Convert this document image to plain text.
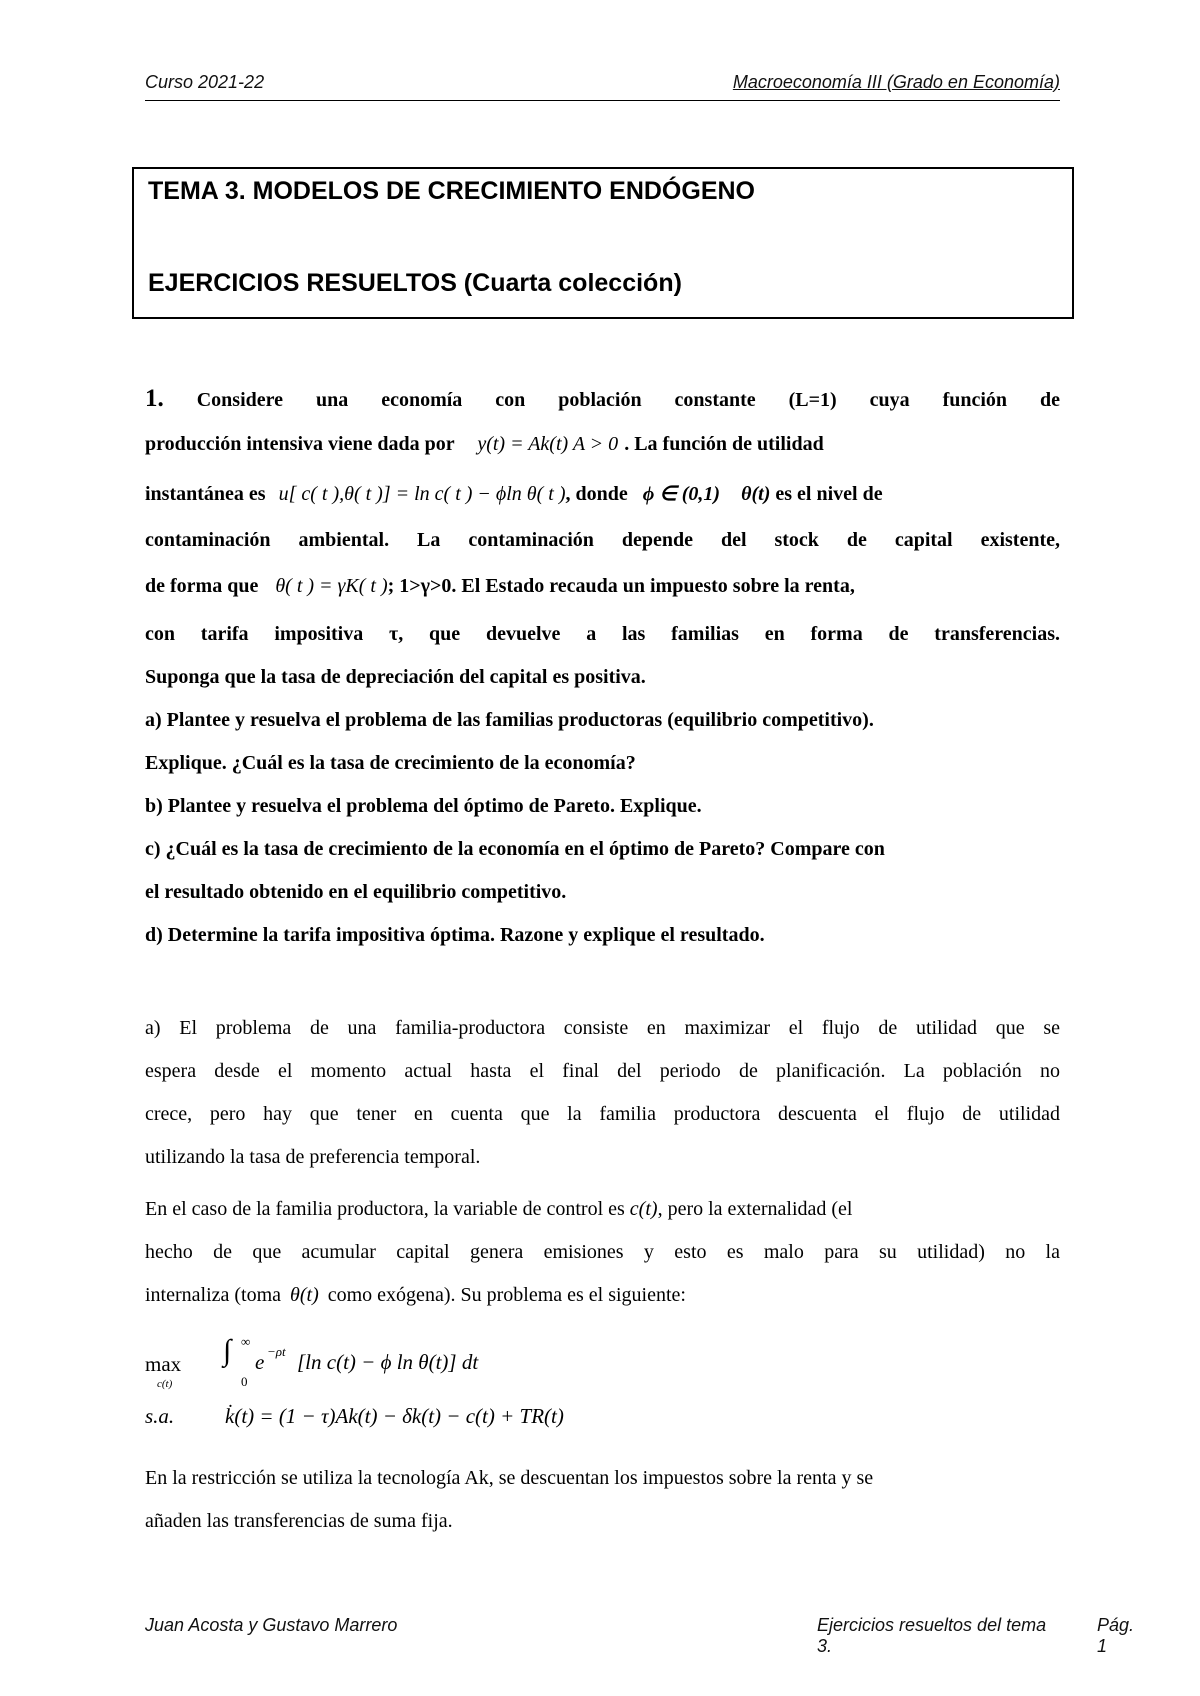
Curso 2021-22	Macroeconomía III (Grado en Economía)
TEMA 3. MODELOS DE CRECIMIENTO ENDÓGENO
EJERCICIOS RESUELTOS (Cuarta colección)
1. Considere una economía con población constante (L=1) cuya función de
producción intensiva viene dada por y(t) = Ak(t) A > 0 . La función de utilidad
instantánea es u[ c( t ),θ( t )] = ln c( t ) − ϕln θ( t ), donde ϕ ∈ (0,1) θ(t) es el nivel de
contaminación ambiental. La contaminación depende del stock de capital existente,
de forma que θ( t ) = γK( t ); 1>γ>0. El Estado recauda un impuesto sobre la renta,
con tarifa impositiva τ, que devuelve a las familias en forma de transferencias.
Suponga que la tasa de depreciación del capital es positiva.
a) Plantee y resuelva el problema de las familias productoras (equilibrio competitivo).
Explique. ¿Cuál es la tasa de crecimiento de la economía?
b) Plantee y resuelva el problema del óptimo de Pareto. Explique.
c) ¿Cuál es la tasa de crecimiento de la economía en el óptimo de Pareto? Compare con
el resultado obtenido en el equilibrio competitivo.
d) Determine la tarifa impositiva óptima. Razone y explique el resultado.
a) El problema de una familia-productora consiste en maximizar el flujo de utilidad que se
espera desde el momento actual hasta el final del periodo de planificación. La población no
crece, pero hay que tener en cuenta que la familia productora descuenta el flujo de utilidad
utilizando la tasa de preferencia temporal.
En el caso de la familia productora, la variable de control es c(t), pero la externalidad (el
hecho de que acumular capital genera emisiones y esto es malo para su utilidad) no la
internaliza (toma θ(t) como exógena). Su problema es el siguiente:
max
c(t)
∫ ∞
0
e −ρt [ln c(t) − ϕ ln θ(t)] dt
s.a. k̇(t) = (1 − τ)Ak(t) − δk(t) − c(t) + TR(t)
En la restricción se utiliza la tecnología Ak, se descuentan los impuestos sobre la renta y se
añaden las transferencias de suma fija.
Juan Acosta y Gustavo Marrero	Ejercicios resueltos del tema 3.
Pág. 1
